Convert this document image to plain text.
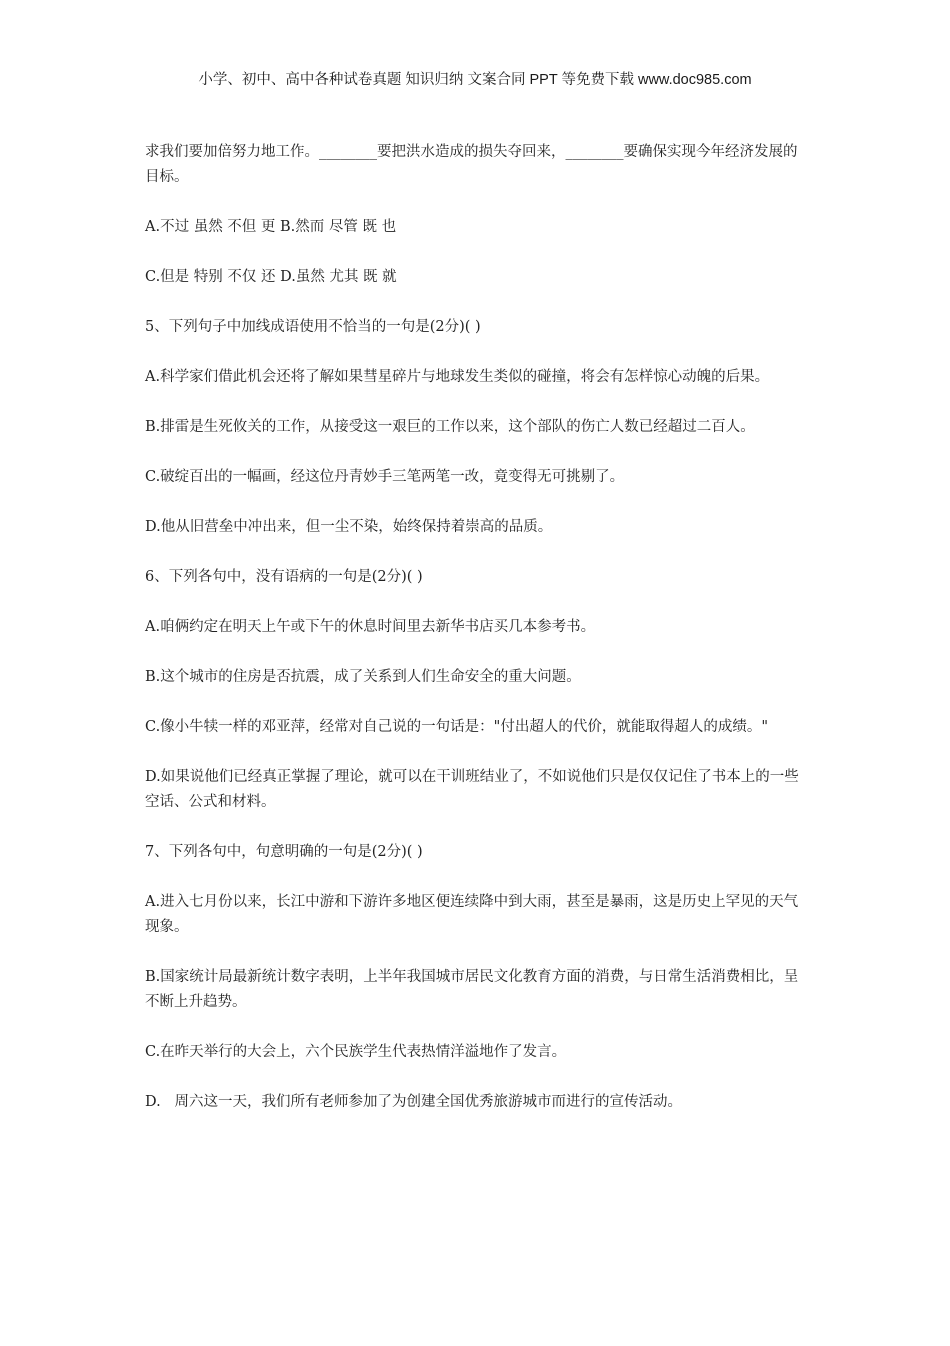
小学、初中、高中各种试卷真题 知识归纳 文案合同 PPT 等免费下载 www.doc985.com

求我们要加倍努力地工作。________要把洪水造成的损失夺回来，________要确保实现今年经济发展的目标。

A.不过 虽然 不但 更 B.然而 尽管 既 也

C.但是 特别 不仅 还 D.虽然 尤其 既 就

5、下列句子中加线成语使用不恰当的一句是(2分)( )

A.科学家们借此机会还将了解如果彗星碎片与地球发生类似的碰撞，将会有怎样惊心动魄的后果。

B.排雷是生死攸关的工作，从接受这一艰巨的工作以来，这个部队的伤亡人数已经超过二百人。

C.破绽百出的一幅画，经这位丹青妙手三笔两笔一改，竟变得无可挑剔了。

D.他从旧营垒中冲出来，但一尘不染，始终保持着崇高的品质。

6、下列各句中，没有语病的一句是(2分)( )

A.咱俩约定在明天上午或下午的休息时间里去新华书店买几本参考书。

B.这个城市的住房是否抗震，成了关系到人们生命安全的重大问题。

C.像小牛犊一样的邓亚萍，经常对自己说的一句话是："付出超人的代价，就能取得超人的成绩。"

D.如果说他们已经真正掌握了理论，就可以在干训班结业了，不如说他们只是仅仅记住了书本上的一些空话、公式和材料。

7、下列各句中，句意明确的一句是(2分)( )

A.进入七月份以来，长江中游和下游许多地区便连续降中到大雨，甚至是暴雨，这是历史上罕见的天气现象。

B.国家统计局最新统计数字表明，上半年我国城市居民文化教育方面的消费，与日常生活消费相比，呈不断上升趋势。

C.在昨天举行的大会上，六个民族学生代表热情洋溢地作了发言。

D.   周六这一天，我们所有老师参加了为创建全国优秀旅游城市而进行的宣传活动。
